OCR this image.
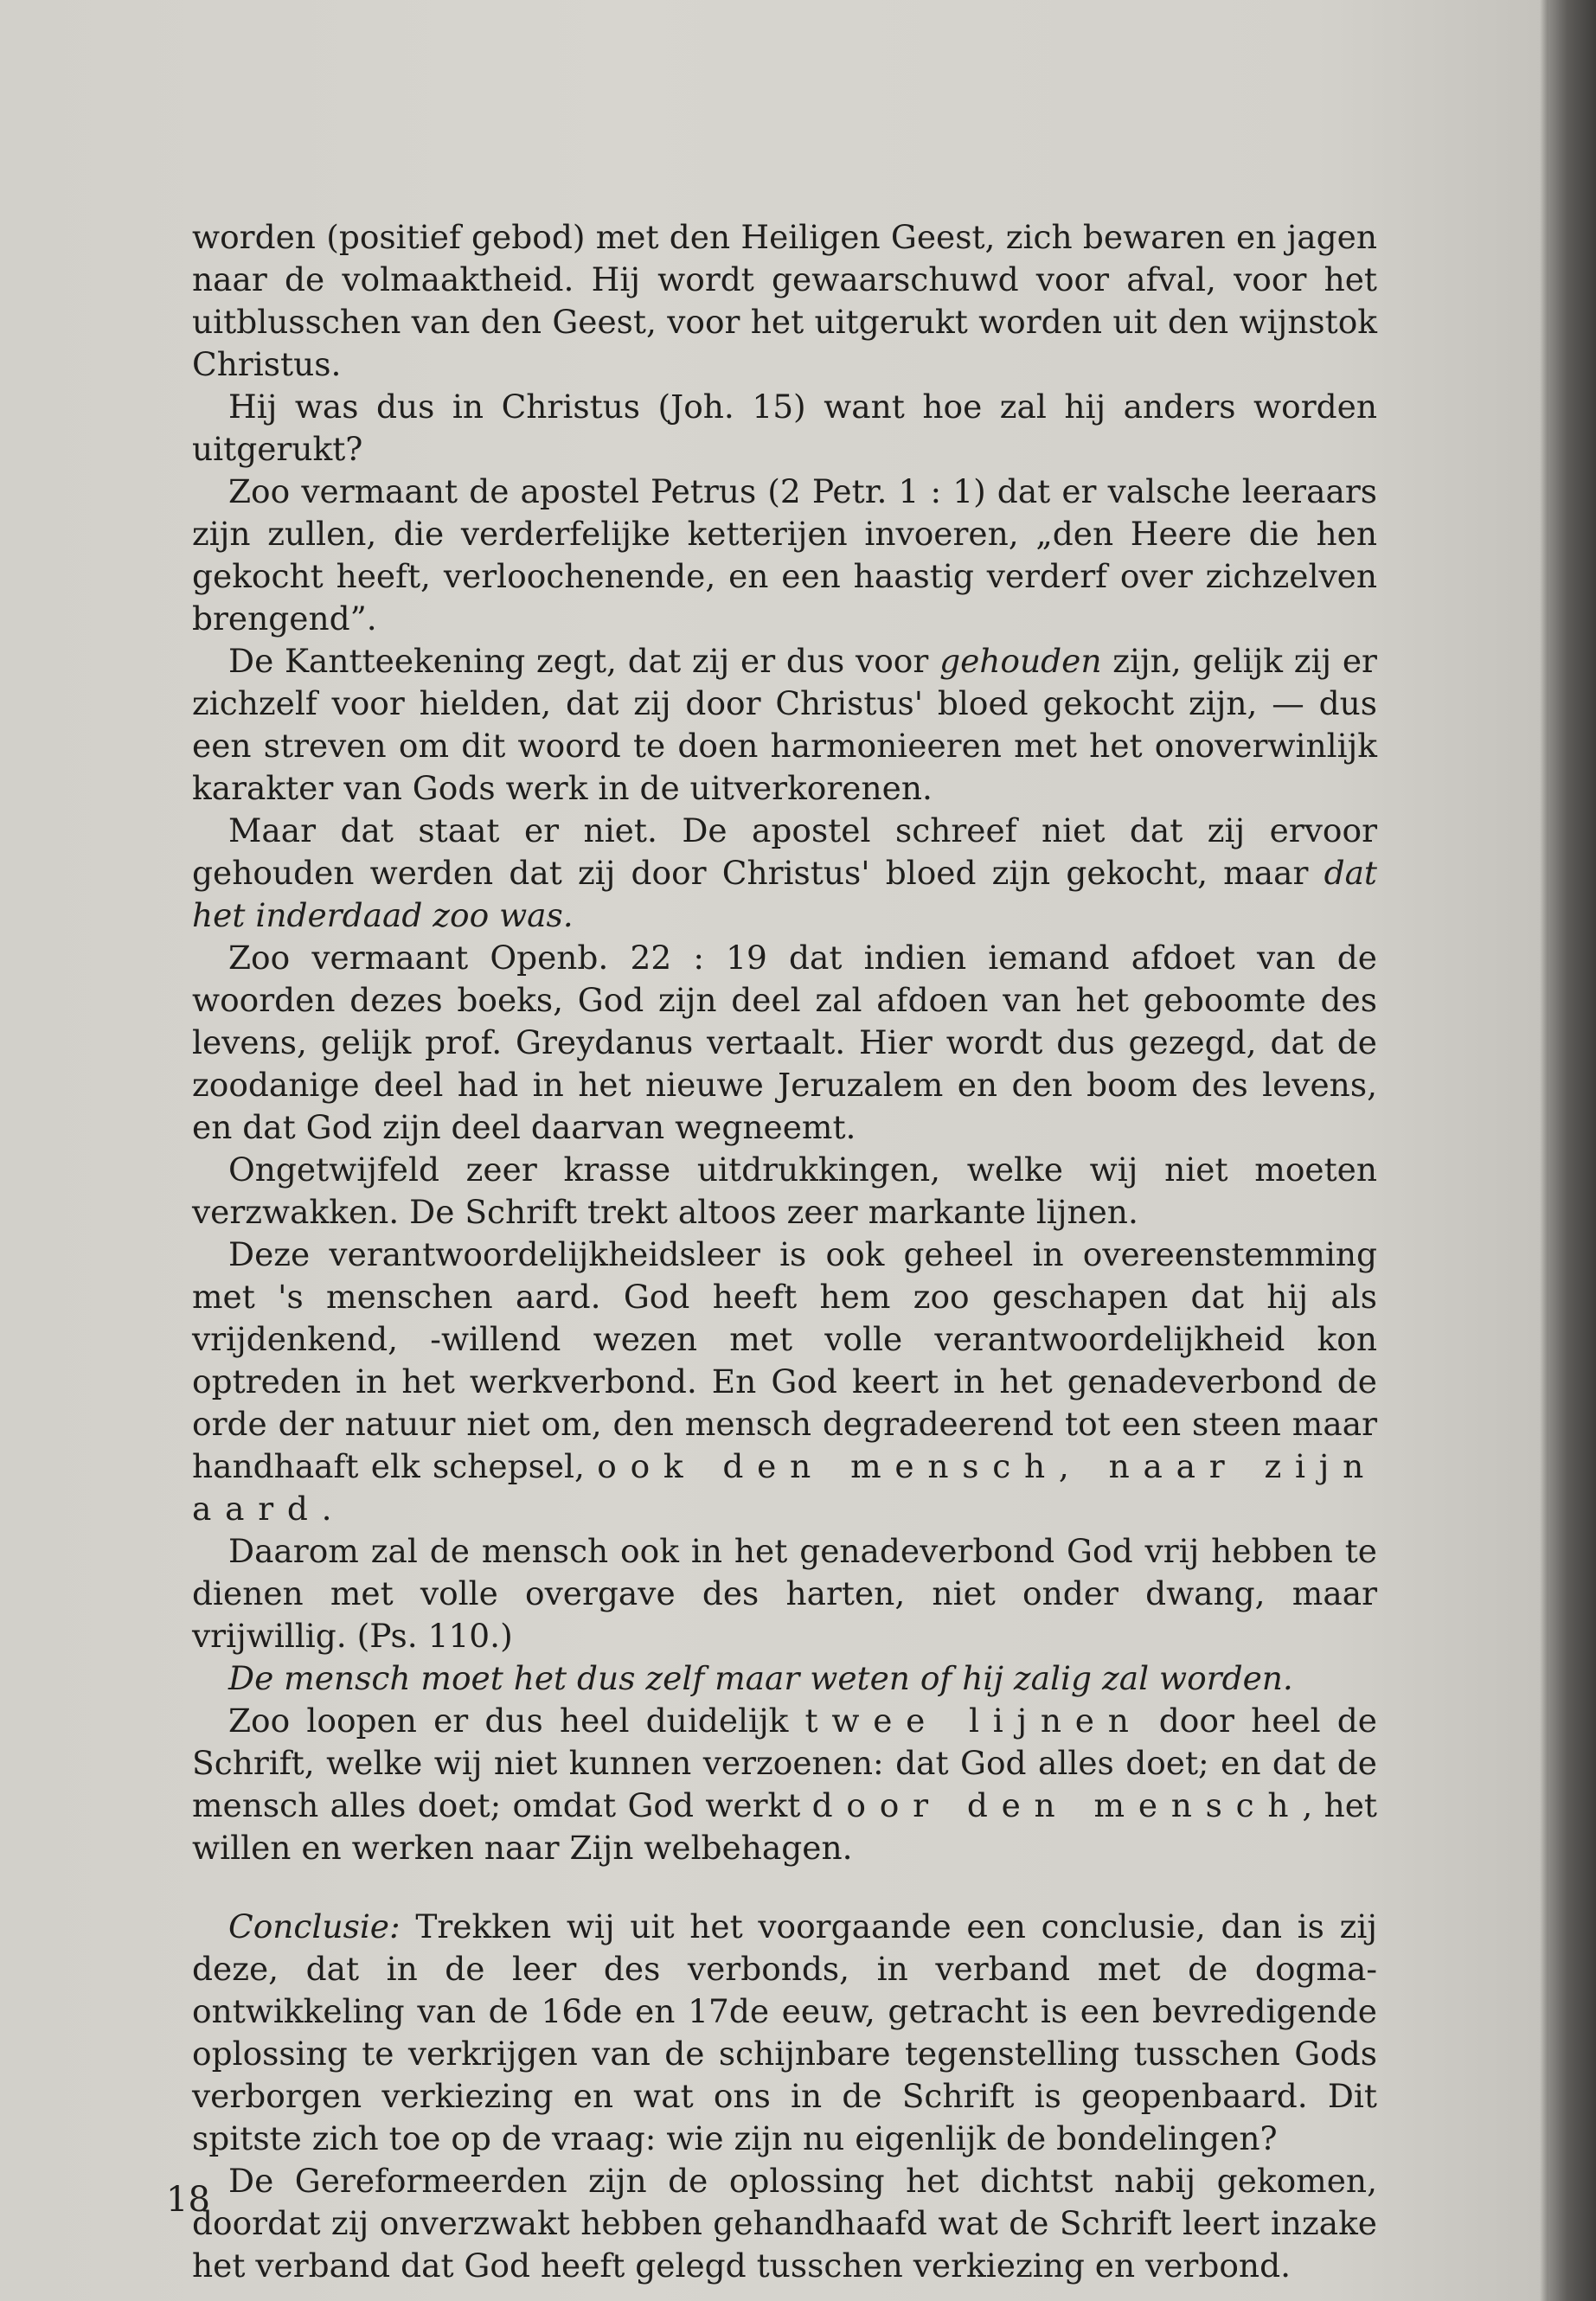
worden (positief gebod) met den Heiligen Geest, zich bewaren en jagen naar de volmaaktheid. Hij wordt gewaarschuwd voor afval, voor het uitblusschen van den Geest, voor het uitgerukt worden uit den wijnstok Christus.

Hij was dus in Christus (Joh. 15) want hoe zal hij anders worden uitgerukt?

Zoo vermaant de apostel Petrus (2 Petr. 1 : 1) dat er valsche leeraars zijn zullen, die verderfelijke ketterijen invoeren, „den Heere die hen gekocht heeft, verloochenende, en een haastig verderf over zichzelven brengend”.

De Kantteekening zegt, dat zij er dus voor gehouden zijn, gelijk zij er zichzelf voor hielden, dat zij door Christus' bloed gekocht zijn, — dus een streven om dit woord te doen harmonieeren met het onoverwinlijk karakter van Gods werk in de uitverkorenen.

Maar dat staat er niet. De apostel schreef niet dat zij ervoor gehouden werden dat zij door Christus' bloed zijn gekocht, maar dat het inderdaad zoo was.

Zoo vermaant Openb. 22 : 19 dat indien iemand afdoet van de woorden dezes boeks, God zijn deel zal afdoen van het geboomte des levens, gelijk prof. Greydanus vertaalt. Hier wordt dus gezegd, dat de zoodanige deel had in het nieuwe Jeruzalem en den boom des levens, en dat God zijn deel daarvan wegneemt.

Ongetwijfeld zeer krasse uitdrukkingen, welke wij niet moeten verzwakken. De Schrift trekt altoos zeer markante lijnen.

Deze verantwoordelijkheidsleer is ook geheel in overeenstemming met 's menschen aard. God heeft hem zoo geschapen dat hij als vrijdenkend, -willend wezen met volle verantwoordelijkheid kon optreden in het werkverbond. En God keert in het genadeverbond de orde der natuur niet om, den mensch degradeerend tot een steen maar handhaaft elk schepsel, ook den mensch, naar zijn aard.

Daarom zal de mensch ook in het genadeverbond God vrij hebben te dienen met volle overgave des harten, niet onder dwang, maar vrijwillig. (Ps. 110.)

De mensch moet het dus zelf maar weten of hij zalig zal worden.

Zoo loopen er dus heel duidelijk twee lijnen door heel de Schrift, welke wij niet kunnen verzoenen: dat God alles doet; en dat de mensch alles doet; omdat God werkt door den mensch, het willen en werken naar Zijn welbehagen.

Conclusie: Trekken wij uit het voorgaande een conclusie, dan is zij deze, dat in de leer des verbonds, in verband met de dogma-ontwikkeling van de 16de en 17de eeuw, getracht is een bevredigende oplossing te verkrijgen van de schijnbare tegenstelling tusschen Gods verborgen verkiezing en wat ons in de Schrift is geopenbaard. Dit spitste zich toe op de vraag: wie zijn nu eigenlijk de bondelingen?

De Gereformeerden zijn de oplossing het dichtst nabij gekomen, doordat zij onverzwakt hebben gehandhaafd wat de Schrift leert inzake het verband dat God heeft gelegd tusschen verkiezing en verbond.

18
